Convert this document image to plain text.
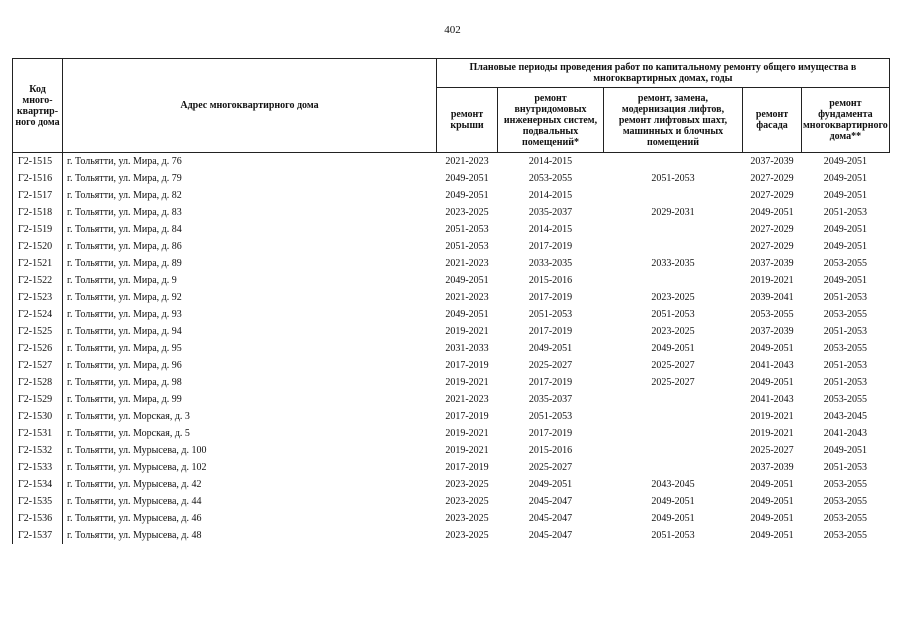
402
Код много-квартир-ного дома	Адрес многоквартирного дома	Плановые периоды проведения работ по капитальному ремонту общего имущества в многоквартирных домах, годы				
		ремонт крыши	ремонт внутридомовых инженерных систем, подвальных помещений*	ремонт, замена, модернизация лифтов, ремонт лифтовых шахт, машинных и блочных помещений	ремонт фасада	ремонт фундамента многоквартирного дома**
Г2-1515	г. Тольятти, ул. Мира, д. 76	2021-2023	2014-2015		2037-2039	2049-2051
Г2-1516	г. Тольятти, ул. Мира, д. 79	2049-2051	2053-2055	2051-2053	2027-2029	2049-2051
Г2-1517	г. Тольятти, ул. Мира, д. 82	2049-2051	2014-2015		2027-2029	2049-2051
Г2-1518	г. Тольятти, ул. Мира, д. 83	2023-2025	2035-2037	2029-2031	2049-2051	2051-2053
Г2-1519	г. Тольятти, ул. Мира, д. 84	2051-2053	2014-2015		2027-2029	2049-2051
Г2-1520	г. Тольятти, ул. Мира, д. 86	2051-2053	2017-2019		2027-2029	2049-2051
Г2-1521	г. Тольятти, ул. Мира, д. 89	2021-2023	2033-2035	2033-2035	2037-2039	2053-2055
Г2-1522	г. Тольятти, ул. Мира, д. 9	2049-2051	2015-2016		2019-2021	2049-2051
Г2-1523	г. Тольятти, ул. Мира, д. 92	2021-2023	2017-2019	2023-2025	2039-2041	2051-2053
Г2-1524	г. Тольятти, ул. Мира, д. 93	2049-2051	2051-2053	2051-2053	2053-2055	2053-2055
Г2-1525	г. Тольятти, ул. Мира, д. 94	2019-2021	2017-2019	2023-2025	2037-2039	2051-2053
Г2-1526	г. Тольятти, ул. Мира, д. 95	2031-2033	2049-2051	2049-2051	2049-2051	2053-2055
Г2-1527	г. Тольятти, ул. Мира, д. 96	2017-2019	2025-2027	2025-2027	2041-2043	2051-2053
Г2-1528	г. Тольятти, ул. Мира, д. 98	2019-2021	2017-2019	2025-2027	2049-2051	2051-2053
Г2-1529	г. Тольятти, ул. Мира, д. 99	2021-2023	2035-2037		2041-2043	2053-2055
Г2-1530	г. Тольятти, ул. Морская, д. 3	2017-2019	2051-2053		2019-2021	2043-2045
Г2-1531	г. Тольятти, ул. Морская, д. 5	2019-2021	2017-2019		2019-2021	2041-2043
Г2-1532	г. Тольятти, ул. Мурысева, д. 100	2019-2021	2015-2016		2025-2027	2049-2051
Г2-1533	г. Тольятти, ул. Мурысева, д. 102	2017-2019	2025-2027		2037-2039	2051-2053
Г2-1534	г. Тольятти, ул. Мурысева, д. 42	2023-2025	2049-2051	2043-2045	2049-2051	2053-2055
Г2-1535	г. Тольятти, ул. Мурысева, д. 44	2023-2025	2045-2047	2049-2051	2049-2051	2053-2055
Г2-1536	г. Тольятти, ул. Мурысева, д. 46	2023-2025	2045-2047	2049-2051	2049-2051	2053-2055
Г2-1537	г. Тольятти, ул. Мурысева, д. 48	2023-2025	2045-2047	2051-2053	2049-2051	2053-2055
